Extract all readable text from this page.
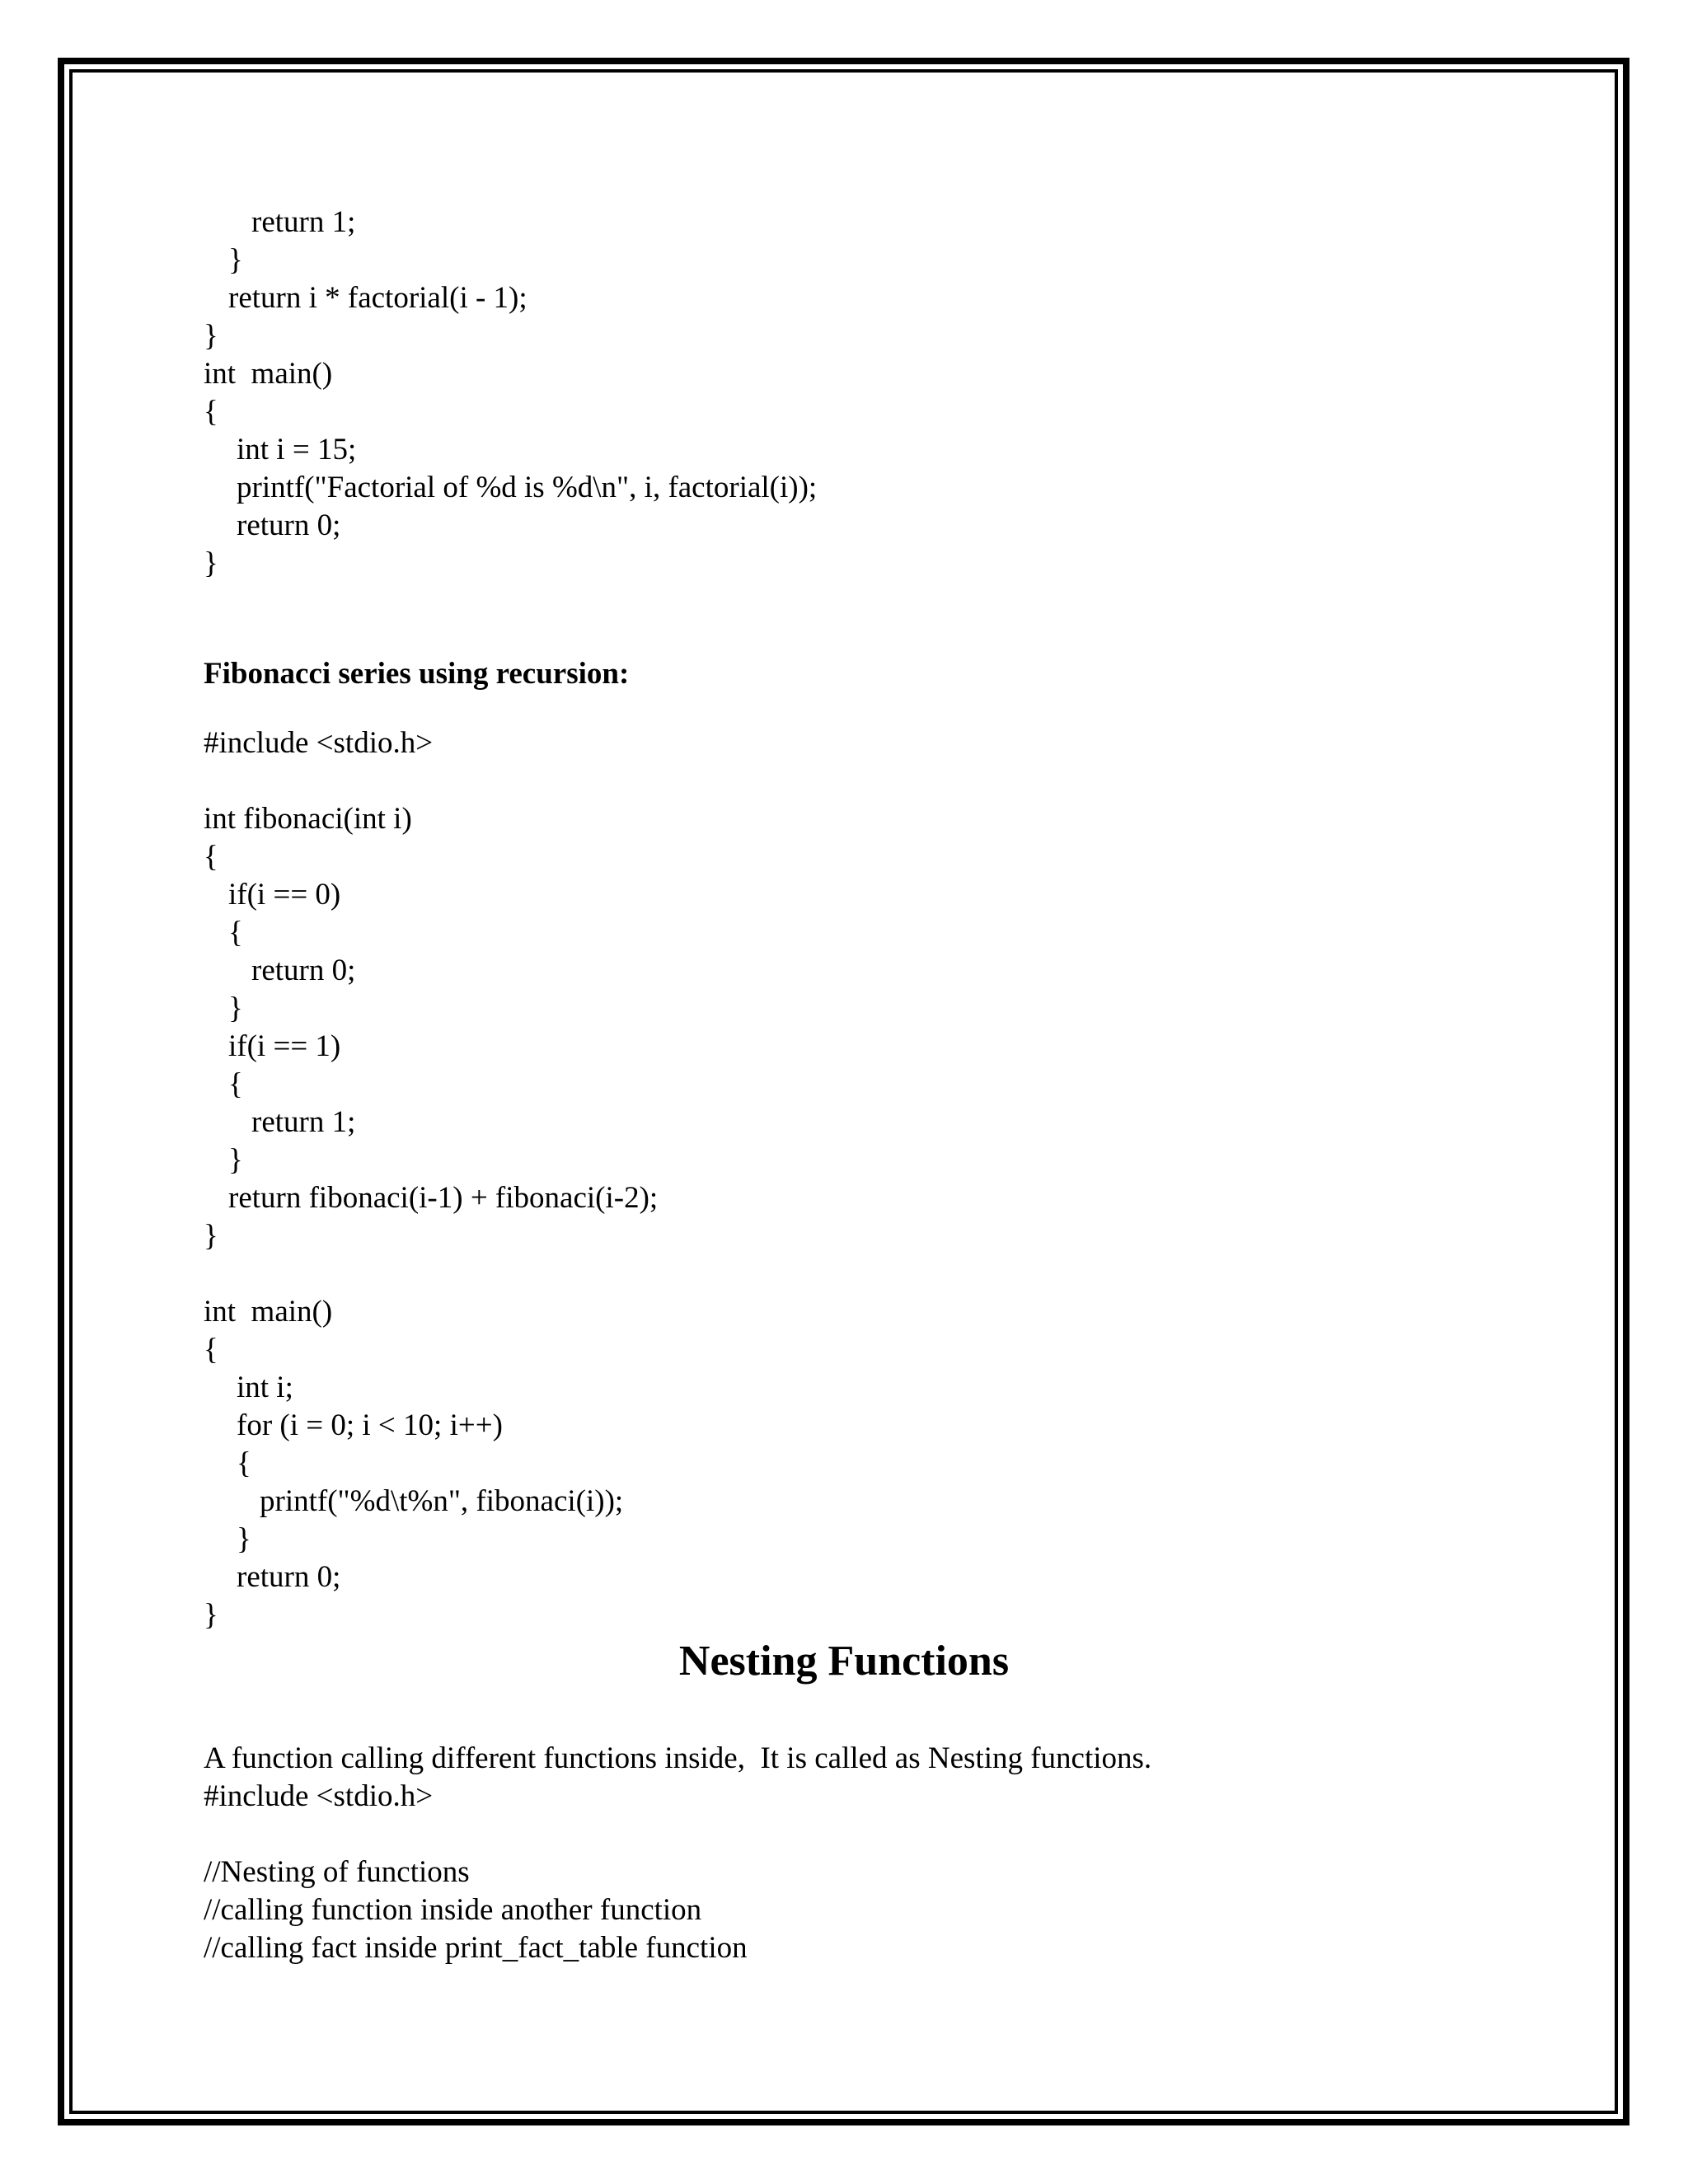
return 1;
}
return i * factorial(i - 1);
}
int  main()
{
int i = 15;
printf("Factorial of %d is %d\n", i, factorial(i));
return 0;
}
Fibonacci series using recursion:
#include <stdio.h>
int fibonaci(int i)
{
if(i == 0)
{
return 0;
}
if(i == 1)
{
return 1;
}
return fibonaci(i-1) + fibonaci(i-2);
}
int  main()
{
int i;
for (i = 0; i < 10; i++)
{
printf("%d\t%n", fibonaci(i));
}
return 0;
}
Nesting Functions
A function calling different functions inside,  It is called as Nesting functions.
#include <stdio.h>
//Nesting of functions
//calling function inside another function
//calling fact inside print_fact_table function
